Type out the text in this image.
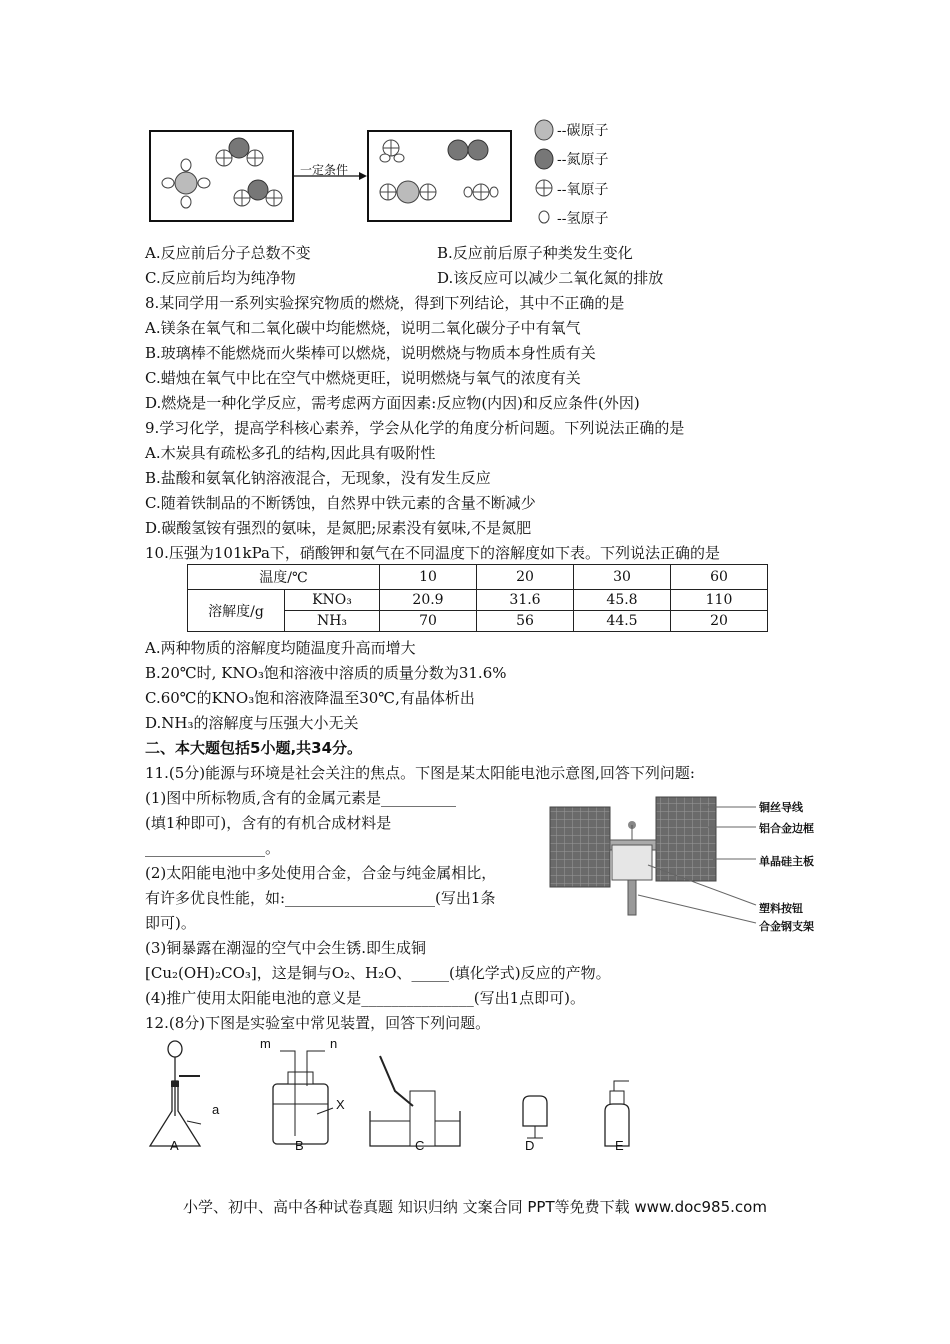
一定条件
--碳原子
--氮原子
--氧原子
--氢原子
A.反应前后分子总数不变	B.反应前后原子种类发生变化
C.反应前后均为纯净物	D.该反应可以减少二氧化氮的排放
8.某同学用一系列实验探究物质的燃烧，得到下列结论，其中不正确的是
A.镁条在氧气和二氧化碳中均能燃烧，说明二氧化碳分子中有氧气
B.玻璃棒不能燃烧而火柴棒可以燃烧，说明燃烧与物质本身性质有关
C.蜡烛在氧气中比在空气中燃烧更旺，说明燃烧与氧气的浓度有关
D.燃烧是一种化学反应，需考虑两方面因素:反应物(内因)和反应条件(外因)
9.学习化学，提高学科核心素养，学会从化学的角度分析问题。下列说法正确的是
A.木炭具有疏松多孔的结构,因此具有吸附性
B.盐酸和氨氧化钠溶液混合，无现象，没有发生反应
C.随着铁制品的不断锈蚀，自然界中铁元素的含量不断减少
D.碳酸氢铵有强烈的氨味，是氮肥;尿素没有氨味,不是氮肥
10.压强为101kPa下，硝酸钾和氨气在不同温度下的溶解度如下表。下列说法正确的是
温度/℃		10	20	30	60
溶解度/g	KNO₃	20.9	31.6	45.8	110
	NH₃	70	56	44.5	20
A.两种物质的溶解度均随温度升高而增大
B.20℃时, KNO₃饱和溶液中溶质的质量分数为31.6%
C.60℃的KNO₃饱和溶液降温至30℃,有晶体析出
D.NH₃的溶解度与压强大小无关
二、本大题包括5小题,共34分。
11.(5分)能源与环境是社会关注的焦点。下图是某太阳能电池示意图,回答下列问题:
(1)图中所标物质,含有的金属元素是__________
(填1种即可)，含有的有机合成材料是
________________。
(2)太阳能电池中多处使用合金，合金与纯金属相比，
有许多优良性能，如:____________________(写出1条
即可)。
(3)铜暴露在潮湿的空气中会生锈.即生成铜
[Cu₂(OH)₂CO₃]，这是铜与O₂、H₂O、_____(填化学式)反应的产物。
(4)推广使用太阳能电池的意义是_______________(写出1点即可)。
铜丝导线
铝合金边框
单晶硅主板
塑料按钮
合金钢支架
12.(8分)下图是实验室中常见装置，回答下列问题。
a
m	n
X
A	B	C	D	E
小学、初中、高中各种试卷真题 知识归纳 文案合同 PPT等免费下载 www.doc985.com
